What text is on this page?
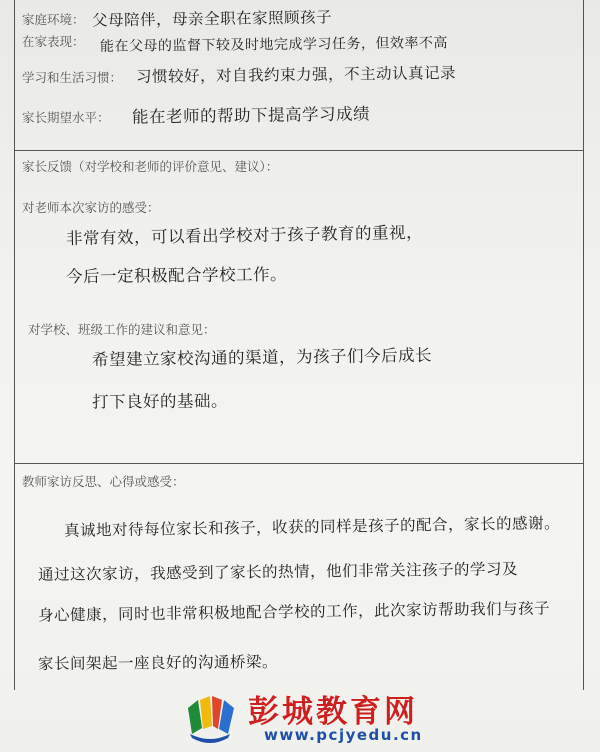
家庭环境： 父母陪伴，母亲全职在家照顾孩子
在家表现： 能在父母的监督下较及时地完成学习任务，但效率不高
学习和生活习惯： 习惯较好，对自我约束力强，不主动认真记录
家长期望水平： 能在老师的帮助下提高学习成绩
家长反馈（对学校和老师的评价意见、建议）：
对老师本次家访的感受：
非常有效，可以看出学校对于孩子教育的重视，
今后一定积极配合学校工作。
对学校、班级工作的建议和意见：
希望建立家校沟通的渠道，为孩子们今后成长
打下良好的基础。
教师家访反思、心得或感受：
真诚地对待每位家长和孩子，收获的同样是孩子的配合，家长的感谢。
通过这次家访，我感受到了家长的热情，他们非常关注孩子的学习及
身心健康，同时也非常积极地配合学校的工作，此次家访帮助我们与孩子
家长间架起一座良好的沟通桥梁。
彭城教育网
www.pcjyedu.cn
